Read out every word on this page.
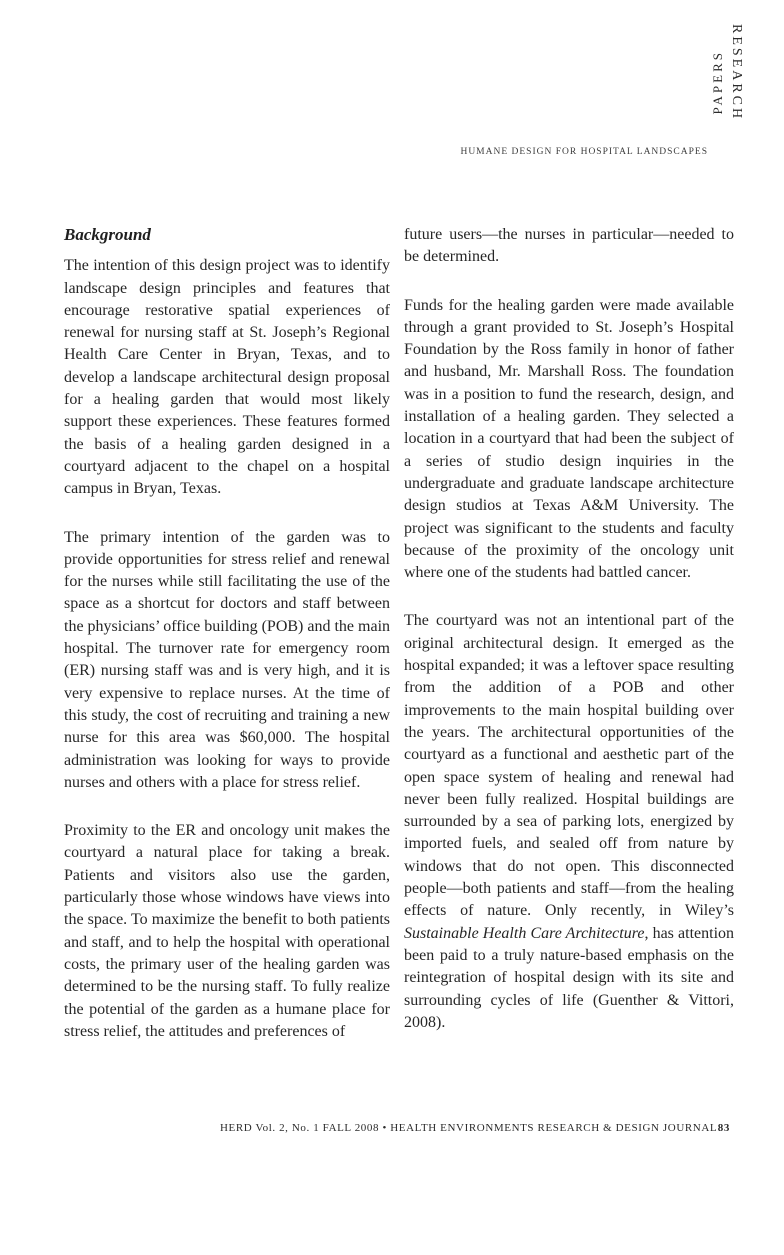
PAPERS RESEARCH
HUMANE DESIGN FOR HOSPITAL LANDSCAPES
Background

The intention of this design project was to identify landscape design principles and features that encourage restorative spatial experiences of renewal for nursing staff at St. Joseph’s Regional Health Care Center in Bryan, Texas, and to develop a landscape architectural design proposal for a healing garden that would most likely support these experiences. These features formed the basis of a healing garden designed in a courtyard adjacent to the chapel on a hospital campus in Bryan, Texas.

The primary intention of the garden was to provide opportunities for stress relief and renewal for the nurses while still facilitating the use of the space as a shortcut for doctors and staff between the physicians’ office building (POB) and the main hospital. The turnover rate for emergency room (ER) nursing staff was and is very high, and it is very expensive to replace nurses. At the time of this study, the cost of recruiting and training a new nurse for this area was $60,000. The hospital administration was looking for ways to provide nurses and others with a place for stress relief.

Proximity to the ER and oncology unit makes the courtyard a natural place for taking a break. Patients and visitors also use the garden, particularly those whose windows have views into the space. To maximize the benefit to both patients and staff, and to help the hospital with operational costs, the primary user of the healing garden was determined to be the nursing staff. To fully realize the potential of the garden as a humane place for stress relief, the attitudes and preferences of

future users—the nurses in particular—needed to be determined.

Funds for the healing garden were made available through a grant provided to St. Joseph’s Hospital Foundation by the Ross family in honor of father and husband, Mr. Marshall Ross. The foundation was in a position to fund the research, design, and installation of a healing garden. They selected a location in a courtyard that had been the subject of a series of studio design inquiries in the undergraduate and graduate landscape architecture design studios at Texas A&M University. The project was significant to the students and faculty because of the proximity of the oncology unit where one of the students had battled cancer.

The courtyard was not an intentional part of the original architectural design. It emerged as the hospital expanded; it was a leftover space resulting from the addition of a POB and other improvements to the main hospital building over the years. The architectural opportunities of the courtyard as a functional and aesthetic part of the open space system of healing and renewal had never been fully realized. Hospital buildings are surrounded by a sea of parking lots, energized by imported fuels, and sealed off from nature by windows that do not open. This disconnected people—both patients and staff—from the healing effects of nature. Only recently, in Wiley’s Sustainable Health Care Architecture, has attention been paid to a truly nature-based emphasis on the reintegration of hospital design with its site and surrounding cycles of life (Guenther & Vittori, 2008).

HERD Vol. 2, No. 1 FALL 2008 • HEALTH ENVIRONMENTS RESEARCH & DESIGN JOURNAL 83
